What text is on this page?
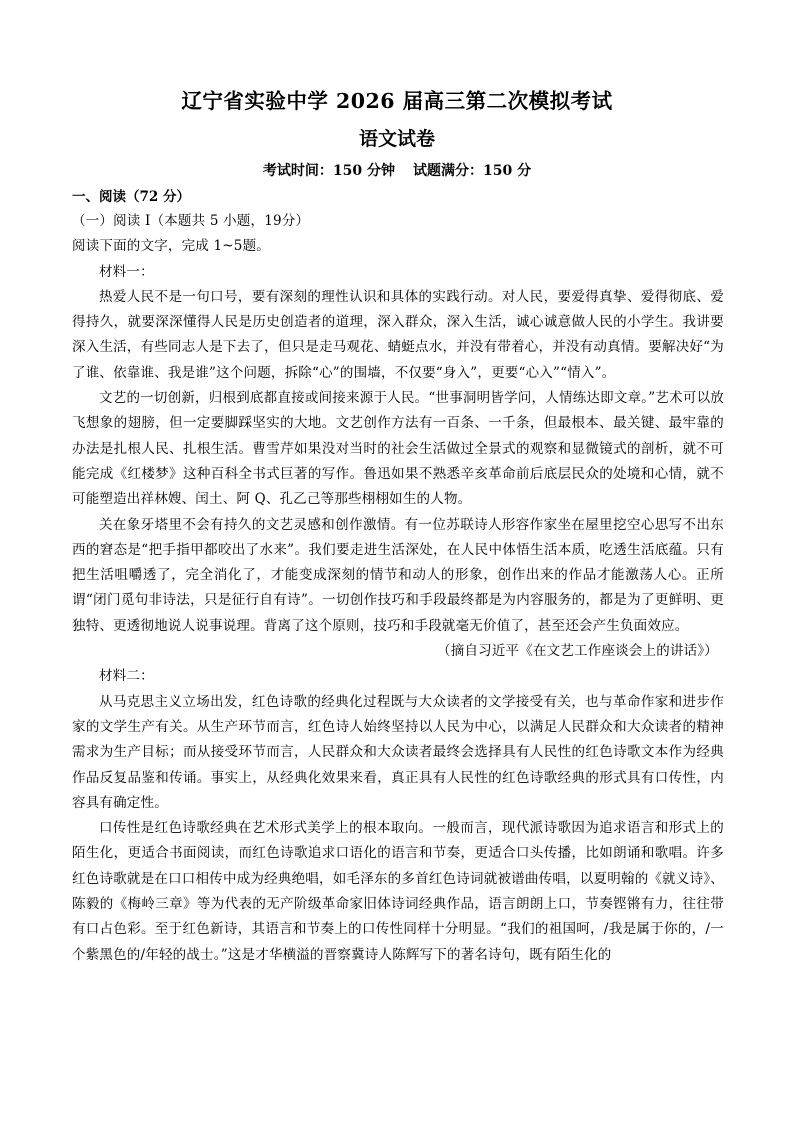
辽宁省实验中学 2026 届高三第二次模拟考试
语文试卷
考试时间：150 分钟 试题满分：150 分
一、阅读（72 分）

（一）阅读 I（本题共 5 小题，19分）

阅读下面的文字，完成 1~5题。

材料一：

热爱人民不是一句口号，要有深刻的理性认识和具体的实践行动。对人民，要爱得真挚、爱得彻底、爱得持久，就要深深懂得人民是历史创造者的道理，深入群众，深入生活，诚心诚意做人民的小学生。我讲要深入生活，有些同志人是下去了，但只是走马观花、蜻蜓点水，并没有带着心，并没有动真情。要解决好“为了谁、依靠谁、我是谁”这个问题，拆除“心”的围墙，不仅要“身入”，更要“心入”“情入”。

文艺的一切创新，归根到底都直接或间接来源于人民。“世事洞明皆学问，人情练达即文章。”艺术可以放飞想象的翅膀，但一定要脚踩坚实的大地。文艺创作方法有一百条、一千条，但最根本、最关键、最牢靠的办法是扎根人民、扎根生活。曹雪芹如果没对当时的社会生活做过全景式的观察和显微镜式的剖析，就不可能完成《红楼梦》这种百科全书式巨著的写作。鲁迅如果不熟悉辛亥革命前后底层民众的处境和心情，就不可能塑造出祥林嫂、闰土、阿 Q、孔乙己等那些栩栩如生的人物。

关在象牙塔里不会有持久的文艺灵感和创作激情。有一位苏联诗人形容作家坐在屋里挖空心思写不出东西的窘态是“把手指甲都咬出了水来”。我们要走进生活深处，在人民中体悟生活本质，吃透生活底蕴。只有把生活咀嚼透了，完全消化了，才能变成深刻的情节和动人的形象，创作出来的作品才能激荡人心。正所谓“闭门觅句非诗法，只是征行自有诗”。一切创作技巧和手段最终都是为内容服务的，都是为了更鲜明、更独特、更透彻地说人说事说理。背离了这个原则，技巧和手段就毫无价值了，甚至还会产生负面效应。

（摘自习近平《在文艺工作座谈会上的讲话》）

材料二：

从马克思主义立场出发，红色诗歌的经典化过程既与大众读者的文学接受有关，也与革命作家和进步作家的文学生产有关。从生产环节而言，红色诗人始终坚持以人民为中心，以满足人民群众和大众读者的精神需求为生产目标；而从接受环节而言，人民群众和大众读者最终会选择具有人民性的红色诗歌文本作为经典作品反复品鉴和传诵。事实上，从经典化效果来看，真正具有人民性的红色诗歌经典的形式具有口传性，内容具有确定性。

口传性是红色诗歌经典在艺术形式美学上的根本取向。一般而言，现代派诗歌因为追求语言和形式上的陌生化，更适合书面阅读，而红色诗歌追求口语化的语言和节奏，更适合口头传播，比如朗诵和歌唱。许多红色诗歌就是在口口相传中成为经典绝唱，如毛泽东的多首红色诗词就被谱曲传唱，以夏明翰的《就义诗》、陈毅的《梅岭三章》等为代表的无产阶级革命家旧体诗词经典作品，语言朗朗上口，节奏铿锵有力，往往带有口占色彩。至于红色新诗，其语言和节奏上的口传性同样十分明显。“我们的祖国呵，/我是属于你的，/一个紫黑色的/年轻的战士。”这是才华横溢的晋察冀诗人陈辉写下的著名诗句，既有陌生化的
